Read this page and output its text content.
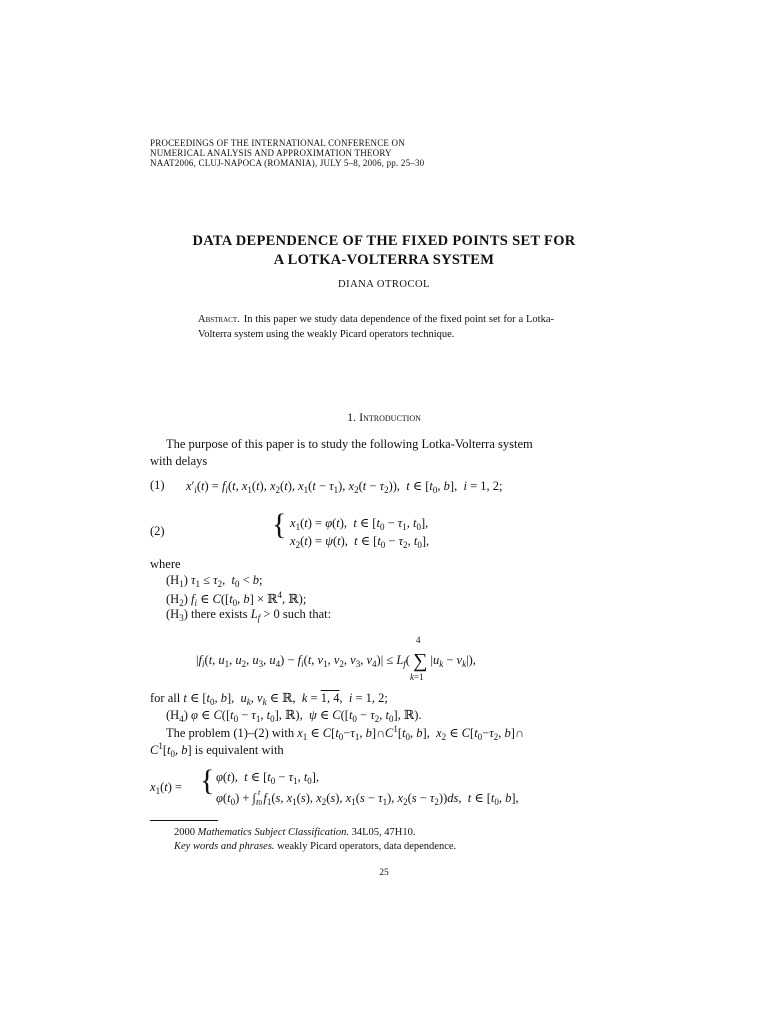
PROCEEDINGS OF THE INTERNATIONAL CONFERENCE ON
NUMERICAL ANALYSIS AND APPROXIMATION THEORY
NAAT2006, CLUJ-NAPOCA (ROMANIA), JULY 5–8, 2006, pp. 25–30
DATA DEPENDENCE OF THE FIXED POINTS SET FOR
A LOTKA-VOLTERRA SYSTEM
DIANA OTROCOL
Abstract. In this paper we study data dependence of the fixed point set for a Lotka-Volterra system using the weakly Picard operators technique.
1. Introduction
The purpose of this paper is to study the following Lotka-Volterra system
with delays
(1) $x'_i(t) = f_i(t$, $x_1(t)$, $x_2(t)$, $x_1(t - \tau_1)$, $x_2(t - \tau_2)$),  t ∈ [$t_0$, b],  i = 1, 2;
(2)	{ $x_1(t) = \varphi(t)$,  t ∈ [$t_0 - \tau_1$, $t_0$],
$x_2(t) = \psi(t)$,  t ∈ [$t_0 - \tau_2$, $t_0$],
where
$(H_1) \tau_1 \le \tau_2$,  $t_0 < b$;
$(H_2)$ $f_i$ ∈ $C([t_0$, b] × ℝ$^4$, ℝ);
$(H_3)$ there exists $L_f > 0$ such that:
4
$|f_i(t$, $u_1$, $u_2$, $u_3$, $u_4) - f_i(t$, $v_1$, $v_2$, $v_3$, $v_4)| \le L_f$( ∑ $|u_k - v_k|$),
k=1
for all t ∈ [$t_0$, b],  $u_k$, $v_k$ ∈ ℝ,  k = 1, 4,  i = 1, 2;
$(H_4)$ φ ∈ $C([t_0 - \tau_1$, $t_0$], ℝ),  ψ ∈ $C([t_0 - \tau_2$, $t_0$], ℝ).
The problem (1)–(2) with $x_1$ ∈ $C[t_0-\tau_1$, $b]\cap C^1[t_0$, b],  $x_2$ ∈ $C[t_0-\tau_2$, b]∩
$C^1[t_0$, b] is equivalent with
$x_1(t)$ = { φ(t),  t ∈ [$t_0 - \tau_1$, $t_0$],
$\varphi(t_0) + \int_{t0}^t$ $f_1(s$, $x_1(s)$, $x_2(s)$, $x_1(s - \tau_1)$, $x_2(s - \tau_2))ds$,  t ∈ [$t_0$, b],
2000 Mathematics Subject Classification. 34L05, 47H10.
Key words and phrases. weakly Picard operators, data dependence.
25
